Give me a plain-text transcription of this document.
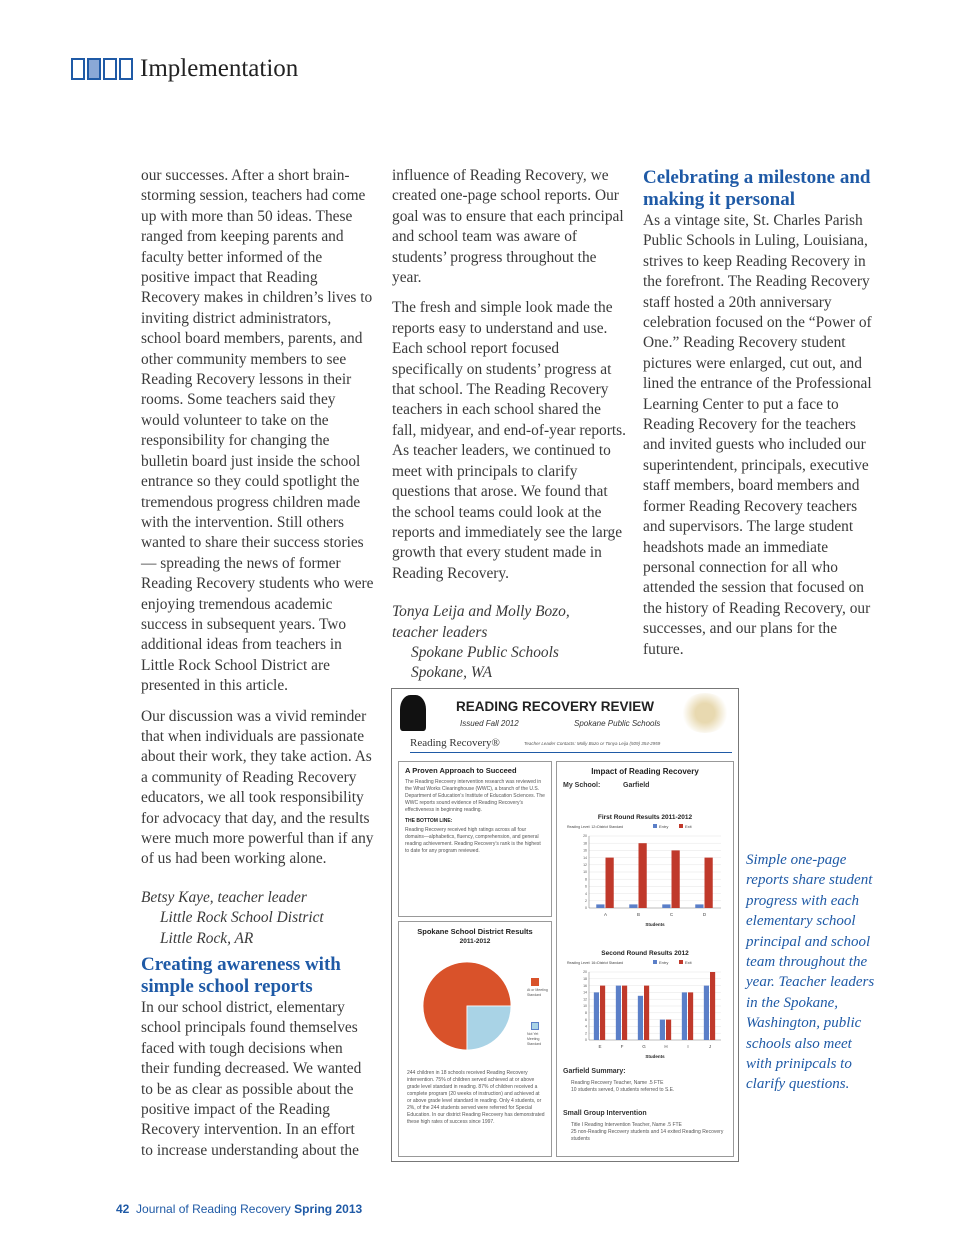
Implementation

our successes. After a short brain-storming session, teachers had come up with more than 50 ideas. These ranged from keeping parents and faculty better informed of the positive impact that Reading Recovery makes in children’s lives to inviting district administrators, school board members, parents, and other community members to see Reading Recovery lessons in their rooms. Some teachers said they would volunteer to take on the responsibility for changing the bulletin board just inside the school entrance so they could spotlight the tremendous progress children made with the intervention. Still others wanted to share their success stories — spreading the news of former Reading Recovery students who were enjoying tremendous academic success in subsequent years. Two additional ideas from teachers in Little Rock School District are presented in this article.

Our discussion was a vivid reminder that when individuals are passionate about their work, they take action. As a community of Reading Recovery educators, we all took responsibility for advocacy that day, and the results were much more powerful than if any of us had been working alone.

Betsy Kaye, teacher leader
Little Rock School District
Little Rock, AR
Creating awareness with simple school reports
In our school district, elementary school principals found themselves faced with tough decisions when their funding decreased. We wanted to be as clear as possible about the positive impact of the Reading Recovery intervention. In an effort to increase understanding about the

influence of Reading Recovery, we created one-page school reports. Our goal was to ensure that each principal and school team was aware of students’ progress throughout the year.

The fresh and simple look made the reports easy to understand and use. Each school report focused specifically on students’ progress at that school. The Reading Recovery teachers in each school shared the fall, midyear, and end-of-year reports. As teacher leaders, we continued to meet with principals to clarify questions that arose. We found that the school teams could look at the reports and immediately see the large growth that every student made in Reading Recovery.

Tonya Leija and Molly Bozo,
teacher leaders
Spokane Public Schools
Spokane, WA
Celebrating a milestone and making it personal
As a vintage site, St. Charles Parish Public Schools in Luling, Louisiana, strives to keep Reading Recovery in the forefront. The Reading Recovery staff hosted a 20th anniversary celebration focused on the “Power of One.” Reading Recovery student pictures were enlarged, cut out, and lined the entrance of the Professional Learning Center to put a face to Reading Recovery for the teachers and invited guests who included our superintendent, principals, executive staff members, board members and former Reading Recovery teachers and supervisors. The large student headshots made an immediate personal connection for all who attended the session that focused on the history of Reading Recovery, our successes, and our plans for the future.
Simple one-page reports share student progress with each elementary school principal and school team throughout the year. Teacher leaders in the Spokane, Washington, public schools also meet with prinipcals to clarify questions.
READING RECOVERY REVIEW
Issued Fall 2012	Spokane Public Schools
Reading Recovery®	Teacher Leader Contacts: Molly Bozo or Tonya Leija (509) 354-2959
A Proven Approach to Succeed
The Reading Recovery intervention research was reviewed in the What Works Clearinghouse (WWC), a branch of the U.S. Department of Education’s Institute of Education Sciences. The WWC reports sound evidence of Reading Recovery’s effectiveness in beginning reading.
THE BOTTOM LINE:
Reading Recovery received high ratings across all four domains—alphabetics, fluency, comprehension, and general reading achievement. Reading Recovery’s rank is the highest to date for any program reviewed.
Spokane School District Results
2011-2012
At or Meeting Standard
Not Yet Meeting Standard
244 children in 18 schools received Reading Recovery intervention. 75% of children served achieved at or above grade level standard in reading. 87% of children received a complete program (20 weeks of instruction) and achieved at or above grade level standard in reading. Only 4 students, or 2%, of the 244 students served were referred for Special Education. In our district Reading Recovery has demonstrated these high rates of success since 1997.
Impact of Reading Recovery
My School:	Garfield
First Round Results 2011-2012
Reading Level: 12=District Standard	Entry	Exit
0
2
4
6
8
10
12
14
16
18
20
A	B	C	D
Students
Second Round Results 2012
Reading Level: 16=District Standard	Entry	Exit
0
2
4
6
8
10
12
14
16
18
20
E	F	G	H	I	J
Students
Garfield Summary:
Reading Recovery Teacher, Name .5 FTE
10 students served, 0 students referred to S.E.
Small Group Intervention
Title I Reading Intervention Teacher, Name .5 FTE
25 non-Reading Recovery students and 14 exited Reading Recovery students
42 Journal of Reading Recovery Spring 2013
